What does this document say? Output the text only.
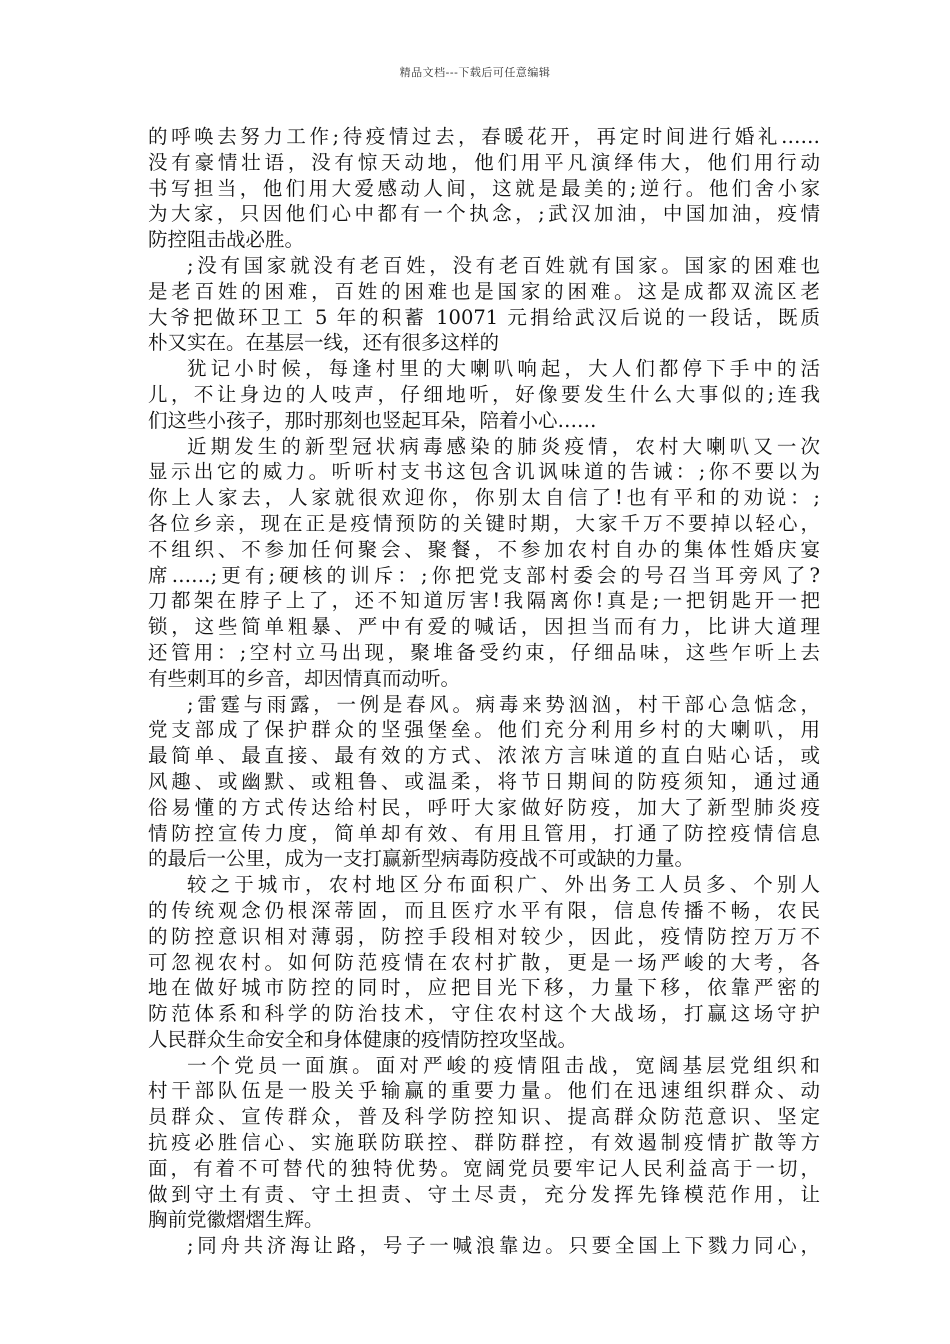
精品文档---下载后可任意编辑
的呼唤去努力工作;待疫情过去，春暖花开，再定时间进行婚礼……
没有豪情壮语，没有惊天动地，他们用平凡演绎伟大，他们用行动
书写担当，他们用大爱感动人间，这就是最美的;逆行。他们舍小家
为大家，只因他们心中都有一个执念，;武汉加油，中国加油，疫情
防控阻击战必胜。
;没有国家就没有老百姓，没有老百姓就有国家。国家的困难也
是老百姓的困难，百姓的困难也是国家的困难。这是成都双流区老
大爷把做环卫工 5 年的积蓄 10071 元捐给武汉后说的一段话，既质
朴又实在。在基层一线，还有很多这样的
犹记小时候，每逢村里的大喇叭响起，大人们都停下手中的活
儿，不让身边的人吱声，仔细地听，好像要发生什么大事似的;连我
们这些小孩子，那时那刻也竖起耳朵，陪着小心……
近期发生的新型冠状病毒感染的肺炎疫情，农村大喇叭又一次
显示出它的威力。听听村支书这包含讥讽味道的告诫：;你不要以为
你上人家去，人家就很欢迎你，你别太自信了!也有平和的劝说：;
各位乡亲，现在正是疫情预防的关键时期，大家千万不要掉以轻心，
不组织、不参加任何聚会、聚餐，不参加农村自办的集体性婚庆宴
席……;更有;硬核的训斥：;你把党支部村委会的号召当耳旁风了?
刀都架在脖子上了，还不知道厉害!我隔离你!真是;一把钥匙开一把
锁，这些简单粗暴、严中有爱的喊话，因担当而有力，比讲大道理
还管用：;空村立马出现，聚堆备受约束，仔细品味，这些乍听上去
有些刺耳的乡音，却因情真而动听。
;雷霆与雨露，一例是春风。病毒来势汹汹，村干部心急惦念，
党支部成了保护群众的坚强堡垒。他们充分利用乡村的大喇叭，用
最简单、最直接、最有效的方式、浓浓方言味道的直白贴心话，或
风趣、或幽默、或粗鲁、或温柔，将节日期间的防疫须知，通过通
俗易懂的方式传达给村民，呼吁大家做好防疫，加大了新型肺炎疫
情防控宣传力度，简单却有效、有用且管用，打通了防控疫情信息
的最后一公里，成为一支打赢新型病毒防疫战不可或缺的力量。
较之于城市，农村地区分布面积广、外出务工人员多、个别人
的传统观念仍根深蒂固，而且医疗水平有限，信息传播不畅，农民
的防控意识相对薄弱，防控手段相对较少，因此，疫情防控万万不
可忽视农村。如何防范疫情在农村扩散，更是一场严峻的大考，各
地在做好城市防控的同时，应把目光下移，力量下移，依靠严密的
防范体系和科学的防治技术，守住农村这个大战场，打赢这场守护
人民群众生命安全和身体健康的疫情防控攻坚战。
一个党员一面旗。面对严峻的疫情阻击战，宽阔基层党组织和
村干部队伍是一股关乎输赢的重要力量。他们在迅速组织群众、动
员群众、宣传群众，普及科学防控知识、提高群众防范意识、坚定
抗疫必胜信心、实施联防联控、群防群控，有效遏制疫情扩散等方
面，有着不可替代的独特优势。宽阔党员要牢记人民利益高于一切，
做到守土有责、守土担责、守土尽责，充分发挥先锋模范作用，让
胸前党徽熠熠生辉。
;同舟共济海让路，号子一喊浪靠边。只要全国上下戮力同心，
